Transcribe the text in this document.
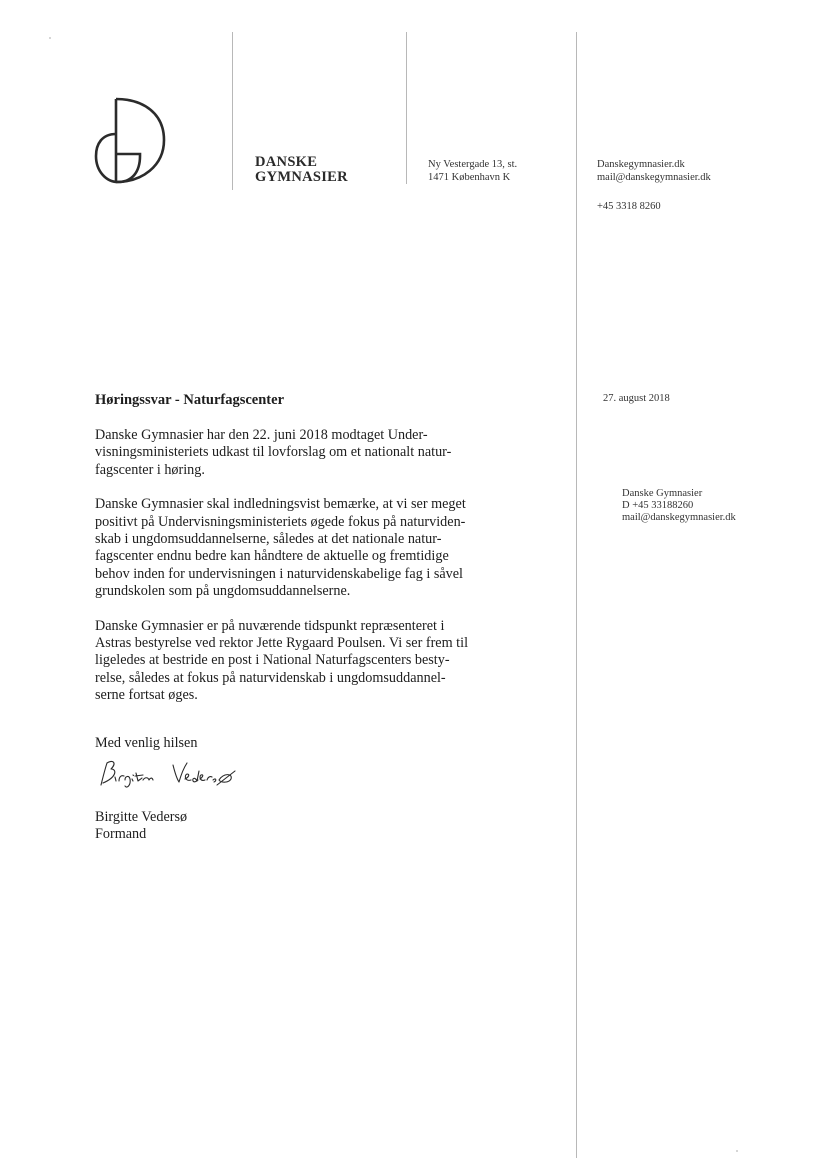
DANSKE
GYMNASIER
Ny Vestergade 13, st.
1471 København K
Danskegymnasier.dk
mail@danskegymnasier.dk
+45 3318 8260
27. august 2018
Danske Gymnasier
D +45 33188260
mail@danskegymnasier.dk
Høringssvar - Naturfagscenter

Danske Gymnasier har den 22. juni 2018 modtaget Under-
visningsministeriets udkast til lovforslag om et nationalt natur-
fagscenter i høring.

Danske Gymnasier skal indledningsvist bemærke, at vi ser meget
positivt på Undervisningsministeriets øgede fokus på naturviden-
skab i ungdomsuddannelserne, således at det nationale natur-
fagscenter endnu bedre kan håndtere de aktuelle og fremtidige
behov inden for undervisningen i naturvidenskabelige fag i såvel
grundskolen som på ungdomsuddannelserne.

Danske Gymnasier er på nuværende tidspunkt repræsenteret i
Astras bestyrelse ved rektor Jette Rygaard Poulsen. Vi ser frem til
ligeledes at bestride en post i National Naturfagscenters besty-
relse, således at fokus på naturvidenskab i ungdomsuddannel-
serne fortsat øges.

Med venlig hilsen
Birgitte Vedersø
Formand
